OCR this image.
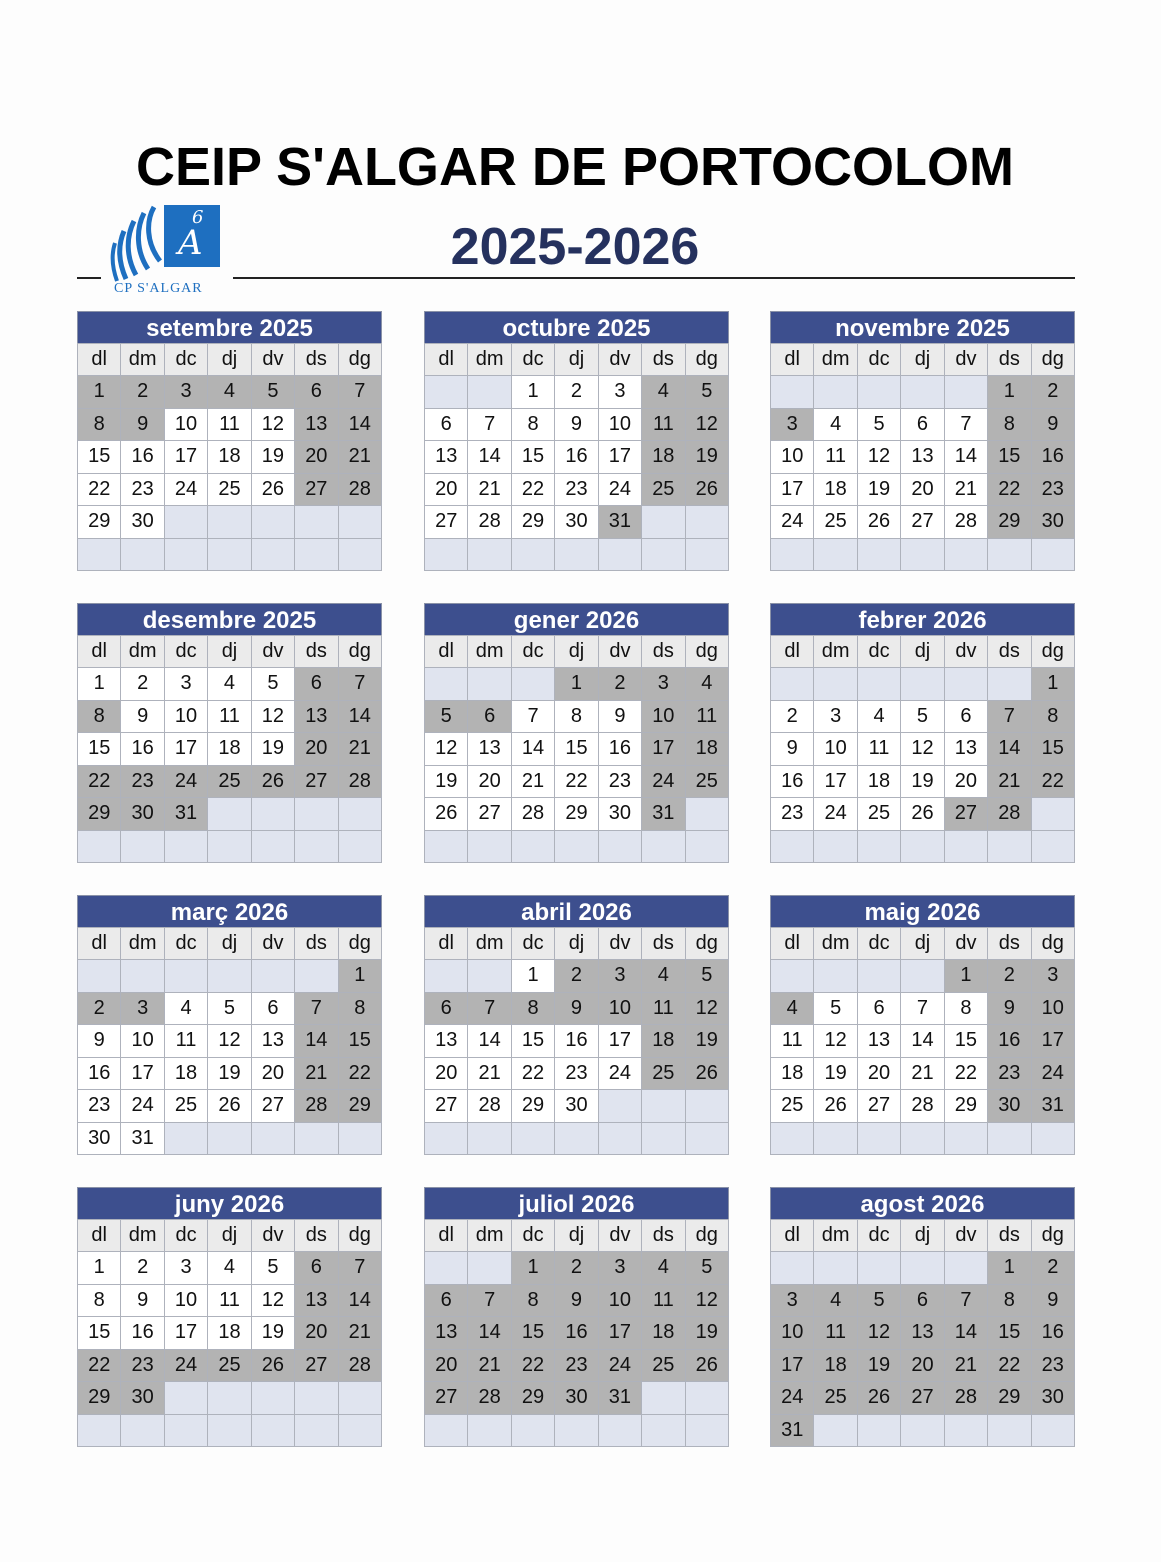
CEIP S'ALGAR DE PORTOCOLOM
2025-2026
6
A
CP S'ALGAR
setembre 2025
dl	dm	dc	dj	dv	ds	dg
1	2	3	4	5	6	7
8	9	10	11	12	13	14
15	16	17	18	19	20	21
22	23	24	25	26	27	28
29	30					

octubre 2025
dl	dm	dc	dj	dv	ds	dg
		1	2	3	4	5
6	7	8	9	10	11	12
13	14	15	16	17	18	19
20	21	22	23	24	25	26
27	28	29	30	31		

novembre 2025
dl	dm	dc	dj	dv	ds	dg
					1	2
3	4	5	6	7	8	9
10	11	12	13	14	15	16
17	18	19	20	21	22	23
24	25	26	27	28	29	30

desembre 2025
dl	dm	dc	dj	dv	ds	dg
1	2	3	4	5	6	7
8	9	10	11	12	13	14
15	16	17	18	19	20	21
22	23	24	25	26	27	28
29	30	31				

gener 2026
dl	dm	dc	dj	dv	ds	dg
			1	2	3	4
5	6	7	8	9	10	11
12	13	14	15	16	17	18
19	20	21	22	23	24	25
26	27	28	29	30	31	

febrer 2026
dl	dm	dc	dj	dv	ds	dg
						1
2	3	4	5	6	7	8
9	10	11	12	13	14	15
16	17	18	19	20	21	22
23	24	25	26	27	28	

març 2026
dl	dm	dc	dj	dv	ds	dg
						1
2	3	4	5	6	7	8
9	10	11	12	13	14	15
16	17	18	19	20	21	22
23	24	25	26	27	28	29
30	31					
abril 2026
dl	dm	dc	dj	dv	ds	dg
		1	2	3	4	5
6	7	8	9	10	11	12
13	14	15	16	17	18	19
20	21	22	23	24	25	26
27	28	29	30			

maig 2026
dl	dm	dc	dj	dv	ds	dg
				1	2	3
4	5	6	7	8	9	10
11	12	13	14	15	16	17
18	19	20	21	22	23	24
25	26	27	28	29	30	31

juny 2026
dl	dm	dc	dj	dv	ds	dg
1	2	3	4	5	6	7
8	9	10	11	12	13	14
15	16	17	18	19	20	21
22	23	24	25	26	27	28
29	30					

juliol 2026
dl	dm	dc	dj	dv	ds	dg
		1	2	3	4	5
6	7	8	9	10	11	12
13	14	15	16	17	18	19
20	21	22	23	24	25	26
27	28	29	30	31		

agost 2026
dl	dm	dc	dj	dv	ds	dg
					1	2
3	4	5	6	7	8	9
10	11	12	13	14	15	16
17	18	19	20	21	22	23
24	25	26	27	28	29	30
31						
